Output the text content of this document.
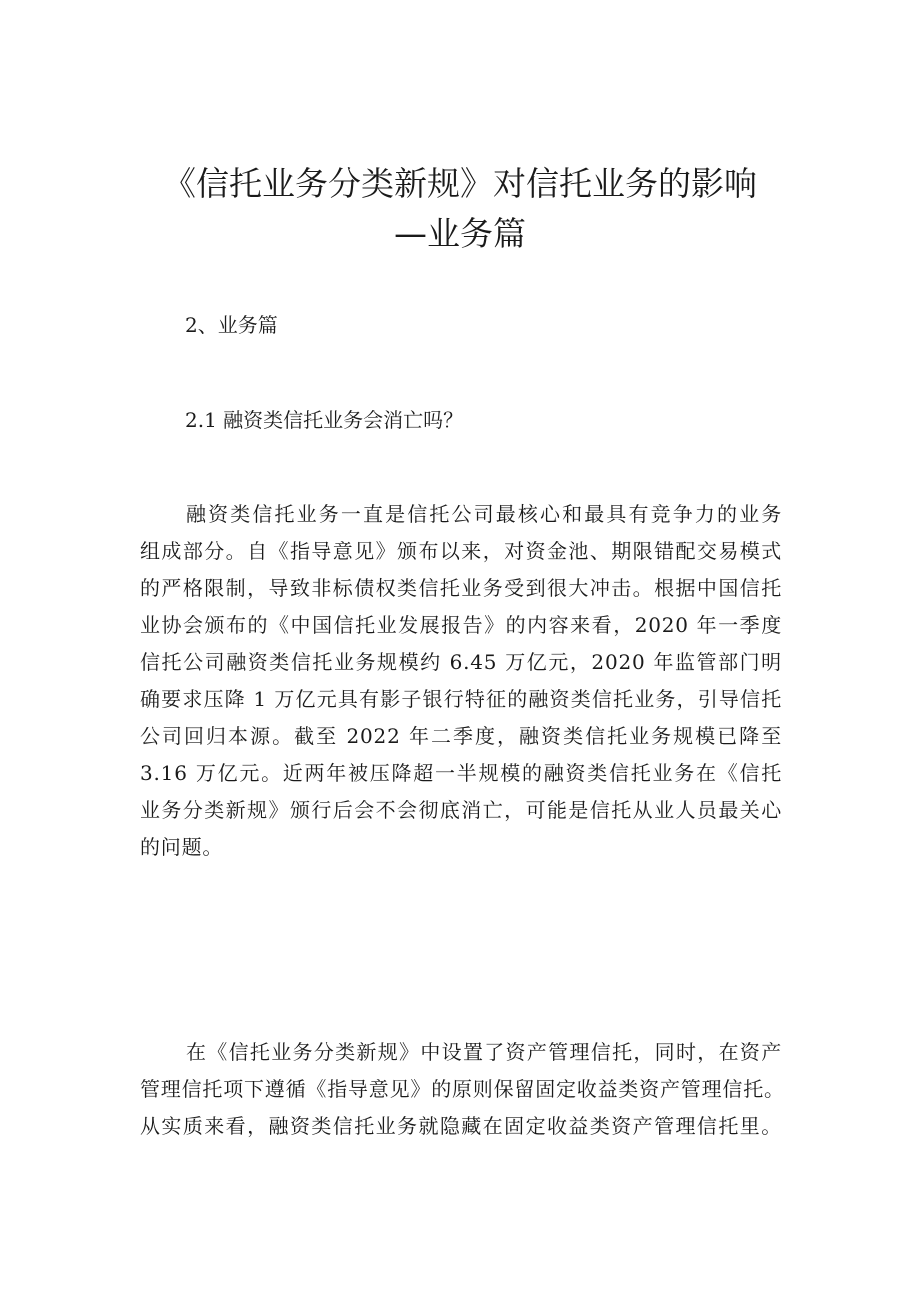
《信托业务分类新规》对信托业务的影响
—业务篇

2、业务篇

2.1 融资类信托业务会消亡吗？

融资类信托业务一直是信托公司最核心和最具有竞争力的业务
组成部分。自《指导意见》颁布以来，对资金池、期限错配交易模式
的严格限制，导致非标债权类信托业务受到很大冲击。根据中国信托
业协会颁布的《中国信托业发展报告》的内容来看，2020 年一季度
信托公司融资类信托业务规模约 6.45 万亿元，2020 年监管部门明
确要求压降 1 万亿元具有影子银行特征的融资类信托业务，引导信托
公司回归本源。截至 2022 年二季度，融资类信托业务规模已降至
3.16 万亿元。近两年被压降超一半规模的融资类信托业务在《信托
业务分类新规》颁行后会不会彻底消亡，可能是信托从业人员最关心
的问题。
在《信托业务分类新规》中设置了资产管理信托，同时，在资产
管理信托项下遵循《指导意见》的原则保留固定收益类资产管理信托。
从实质来看，融资类信托业务就隐藏在固定收益类资产管理信托里。
